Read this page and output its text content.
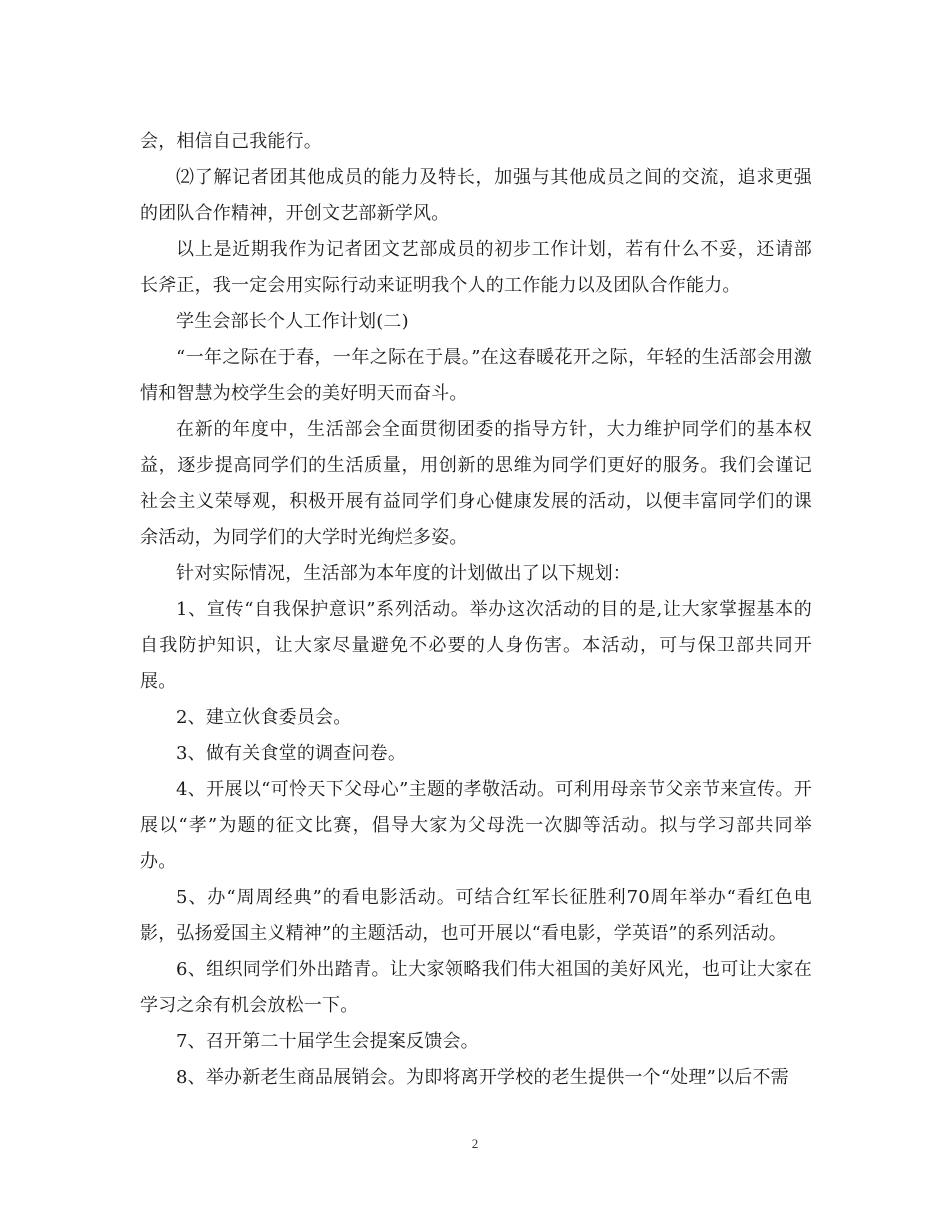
会，相信自己我能行。

⑵了解记者团其他成员的能力及特长，加强与其他成员之间的交流，追求更强的团队合作精神，开创文艺部新学风。

以上是近期我作为记者团文艺部成员的初步工作计划，若有什么不妥，还请部长斧正，我一定会用实际行动来证明我个人的工作能力以及团队合作能力。

学生会部长个人工作计划(二)

“一年之际在于春，一年之际在于晨。”在这春暖花开之际，年轻的生活部会用激情和智慧为校学生会的美好明天而奋斗。

在新的年度中，生活部会全面贯彻团委的指导方针，大力维护同学们的基本权益，逐步提高同学们的生活质量，用创新的思维为同学们更好的服务。我们会谨记社会主义荣辱观，积极开展有益同学们身心健康发展的活动，以便丰富同学们的课余活动，为同学们的大学时光绚烂多姿。

针对实际情况，生活部为本年度的计划做出了以下规划：

1、宣传“自我保护意识”系列活动。举办这次活动的目的是,让大家掌握基本的自我防护知识，让大家尽量避免不必要的人身伤害。本活动，可与保卫部共同开展。

2、建立伙食委员会。

3、做有关食堂的调查问卷。

4、开展以“可怜天下父母心”主题的孝敬活动。可利用母亲节父亲节来宣传。开展以“孝”为题的征文比赛，倡导大家为父母洗一次脚等活动。拟与学习部共同举办。

5、办“周周经典”的看电影活动。可结合红军长征胜利70周年举办“看红色电影，弘扬爱国主义精神”的主题活动，也可开展以“看电影，学英语”的系列活动。

6、组织同学们外出踏青。让大家领略我们伟大祖国的美好风光，也可让大家在学习之余有机会放松一下。

7、召开第二十届学生会提案反馈会。

8、举办新老生商品展销会。为即将离开学校的老生提供一个“处理”以后不需

2
